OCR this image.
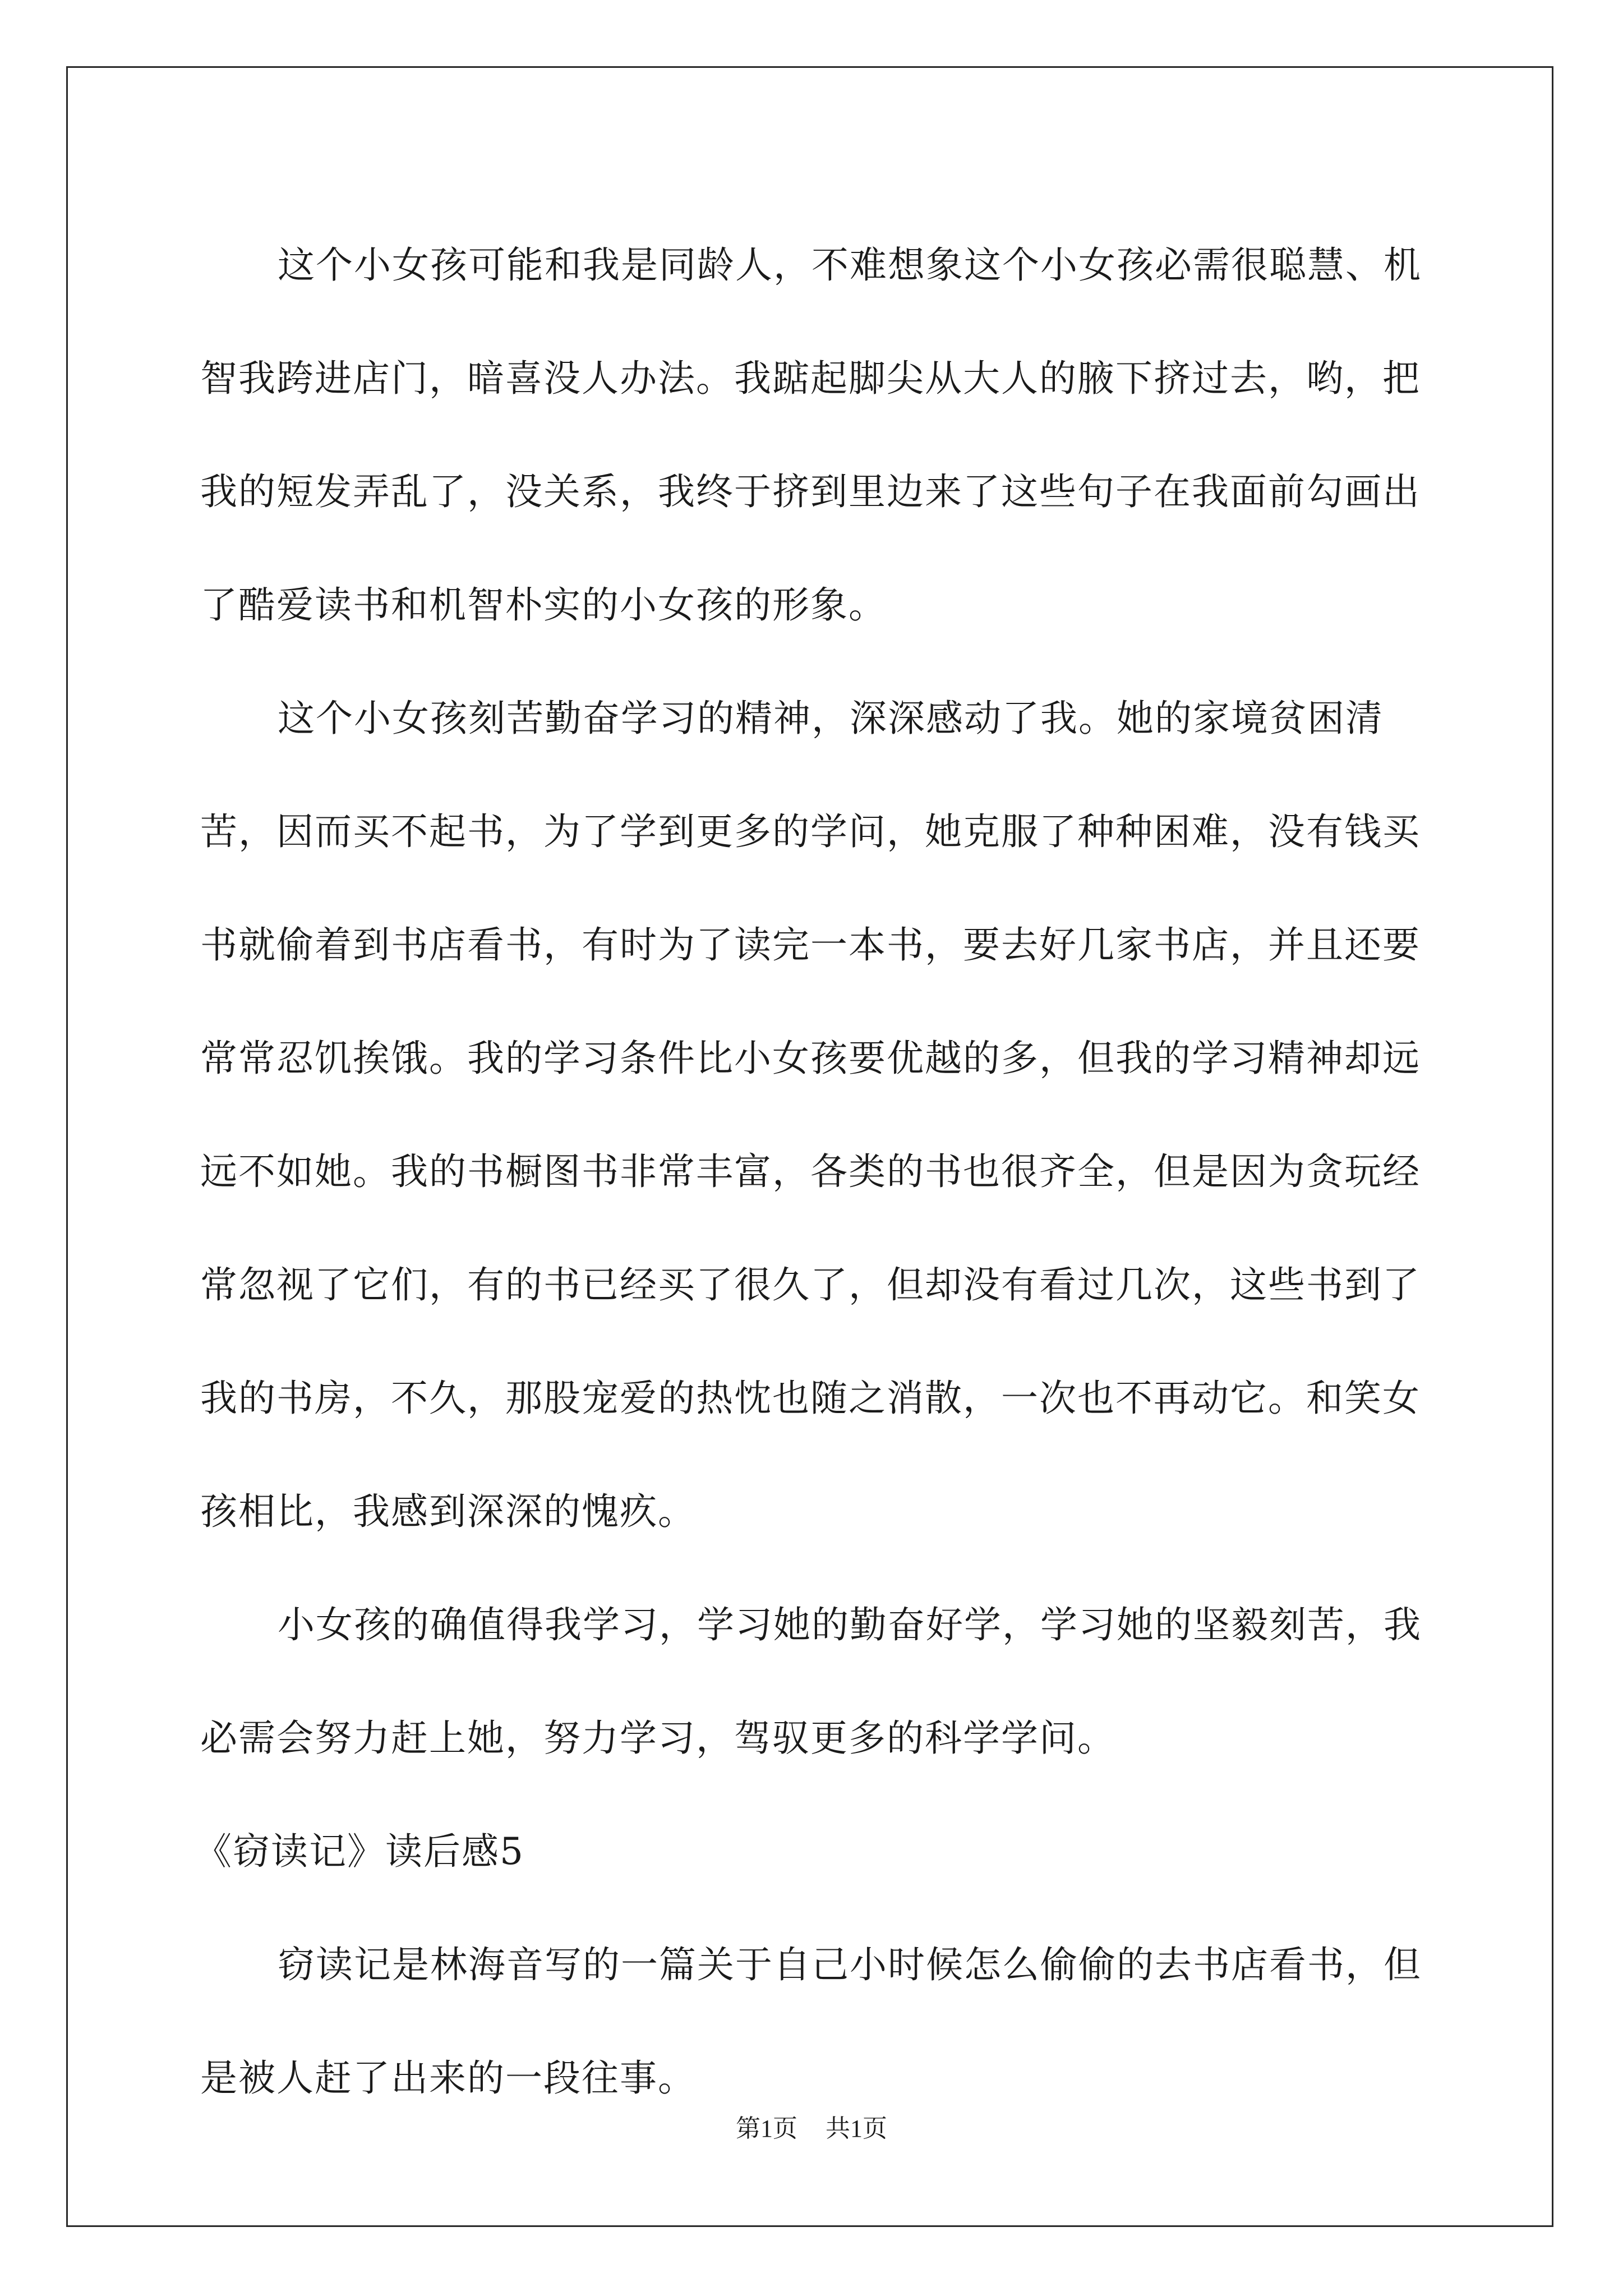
这个小女孩可能和我是同龄人，不难想象这个小女孩必需很聪慧、机智我跨进店门，暗喜没人办法。我踮起脚尖从大人的腋下挤过去，哟，把我的短发弄乱了，没关系，我终于挤到里边来了这些句子在我面前勾画出了酷爱读书和机智朴实的小女孩的形象。

这个小女孩刻苦勤奋学习的精神，深深感动了我。她的家境贫困清苦，因而买不起书，为了学到更多的学问，她克服了种种困难，没有钱买书就偷着到书店看书，有时为了读完一本书，要去好几家书店，并且还要常常忍饥挨饿。我的学习条件比小女孩要优越的多，但我的学习精神却远远不如她。我的书橱图书非常丰富，各类的书也很齐全，但是因为贪玩经常忽视了它们，有的书已经买了很久了，但却没有看过几次，这些书到了我的书房，不久，那股宠爱的热忱也随之消散，一次也不再动它。和笑女孩相比，我感到深深的愧疚。

小女孩的确值得我学习，学习她的勤奋好学，学习她的坚毅刻苦，我必需会努力赶上她，努力学习，驾驭更多的科学学问。

《窃读记》读后感5

窃读记是林海音写的一篇关于自己小时候怎么偷偷的去书店看书，但是被人赶了出来的一段往事。

第1页 共1页
